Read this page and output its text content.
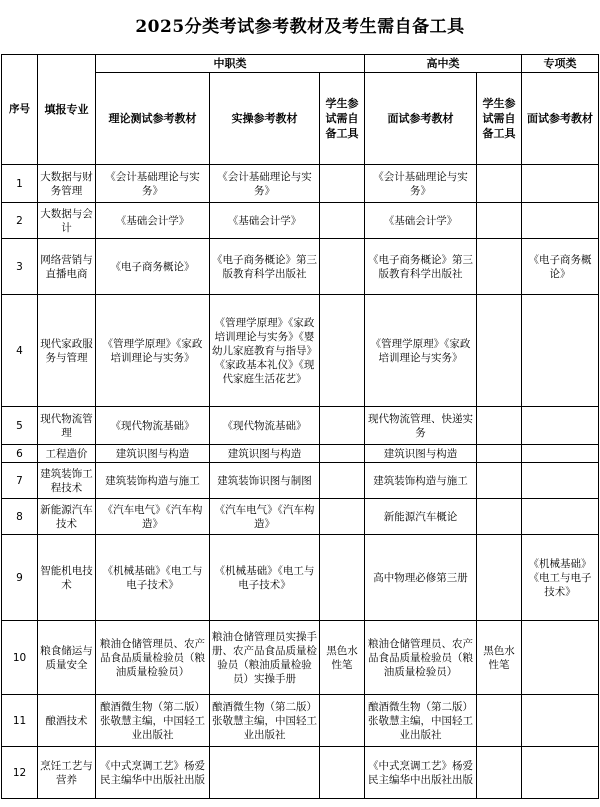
2025分类考试参考教材及考生需自备工具
序号	填报专业	中职类			高中类		专项类
		理论测试参考教材	实操参考教材	学生参试需自备工具	面试参考教材	学生参试需自备工具	面试参考教材
1	大数据与财务管理	《会计基础理论与实务》	《会计基础理论与实务》		《会计基础理论与实务》		
2	大数据与会计	《基础会计学》	《基础会计学》		《基础会计学》		
3	网络营销与直播电商	《电子商务概论》	《电子商务概论》第三版教育科学出版社		《电子商务概论》第三版教育科学出版社		《电子商务概论》
4	现代家政服务与管理	《管理学原理》《家政培训理论与实务》	《管理学原理》《家政培训理论与实务》《婴幼儿家庭教育与指导》《家政基本礼仪》《现代家庭生活花艺》		《管理学原理》《家政培训理论与实务》		
5	现代物流管理	《现代物流基础》	《现代物流基础》		现代物流管理、快递实务		
6	工程造价	建筑识图与构造	建筑识图与构造		建筑识图与构造		
7	建筑装饰工程技术	建筑装饰构造与施工	建筑装饰识图与制图		建筑装饰构造与施工		
8	新能源汽车技术	《汽车电气》《汽车构造》	《汽车电气》《汽车构造》		新能源汽车概论		
9	智能机电技术	《机械基础》《电工与电子技术》	《机械基础》《电工与电子技术》		高中物理必修第三册		《机械基础》《电工与电子技术》
10	粮食储运与质量安全	粮油仓储管理员、农产品食品质量检验员（粮油质量检验员）	粮油仓储管理员实操手册、农产品食品质量检验员（粮油质量检验员）实操手册	黑色水性笔	粮油仓储管理员、农产品食品质量检验员（粮油质量检验员）	黑色水性笔	
11	酿酒技术	酿酒微生物（第二版）张敬慧主编，中国轻工业出版社	酿酒微生物（第二版）张敬慧主编，中国轻工业出版社		酿酒微生物（第二版）张敬慧主编，中国轻工业出版社		
12	烹饪工艺与营养	《中式烹调工艺》杨爱民主编华中出版社出版			《中式烹调工艺》杨爱民主编华中出版社出版		
